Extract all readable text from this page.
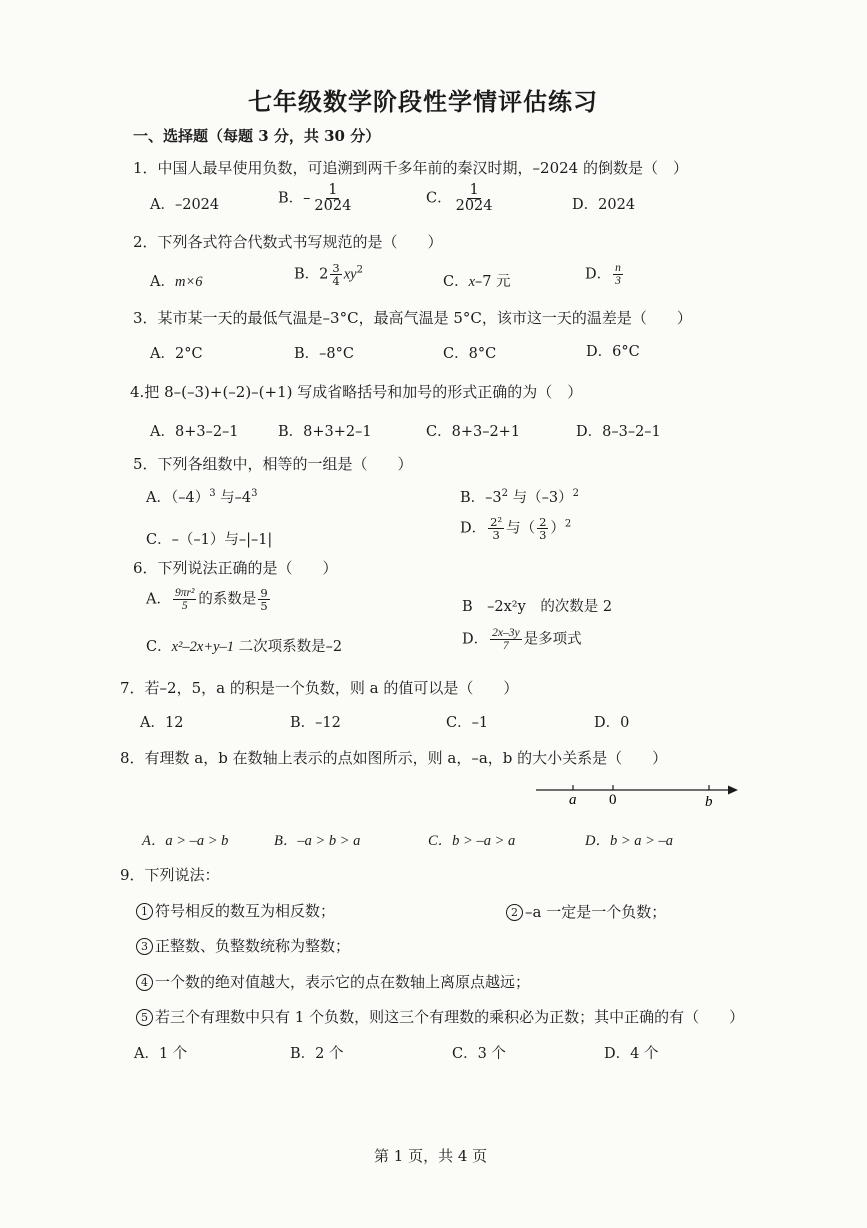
七年级数学阶段性学情评估练习
一、选择题（每题 3 分，共 30 分）
1．中国人最早使用负数，可追溯到两千多年前的秦汉时期，–2024 的倒数是（　）
A．–2024	B．– $\frac{1}{2024}$	C． $\frac{1}{2024}$	D．2024
2．下列各式符合代数式书写规范的是（　　）
A．m×6	B．$2 \frac{3}{4} xy^2$
C．x–7 元	D． $\frac{n}{3}$
3．某市某一天的最低气温是–3°C，最高气温是 5°C，该市这一天的温差是（　　）
A．2°C	B．–8°C	C．8°C	D．6°C
4.把 8–(–3)+(–2)–(+1) 写成省略括号和加号的形式正确的为（　）
A．8+3–2–1	B．8+3+2–1	C．8+3–2+1	D．8–3–2–1
5．下列各组数中，相等的一组是（　　）
A．$(-4)^3$ 与$-4^3$	B．$-3^2$ 与$(-3)^2$
C．–（–1）与–|–1|
D． $\frac{\text{2²}}{3}$ 与（ $\frac{2}{3} )^2$
6．下列说法正确的是（　　）
A． $\frac{\text{9πr²}}{5}$ 的系数是 $\frac{9}{5}$	B　–2x²y　的次数是 2
C．x²–2x+y–1 二次项系数是–2	D． $\frac{2x-3y}{7}$ 是多项式
7．若–2，5，a 的积是一个负数，则 a 的值可以是（　　）
A．12	B．–12	C．–1	D．0
8．有理数 a，b 在数轴上表示的点如图所示，则 a，–a，b 的大小关系是（　　）
a 0	b
A．a > –a > b	B．–a > b > a	C．b > –a > a	D．b > a > –a
9．下列说法：
1 符号相反的数互为相反数；	2 –a 一定是一个负数；
3 正整数、负整数统称为整数；
4 一个数的绝对值越大，表示它的点在数轴上离原点越远；
5 若三个有理数中只有 1 个负数，则这三个有理数的乘积必为正数；其中正确的有（　　）
A．1 个	B．2 个	C．3 个	D．4 个
第 1 页，共 4 页
